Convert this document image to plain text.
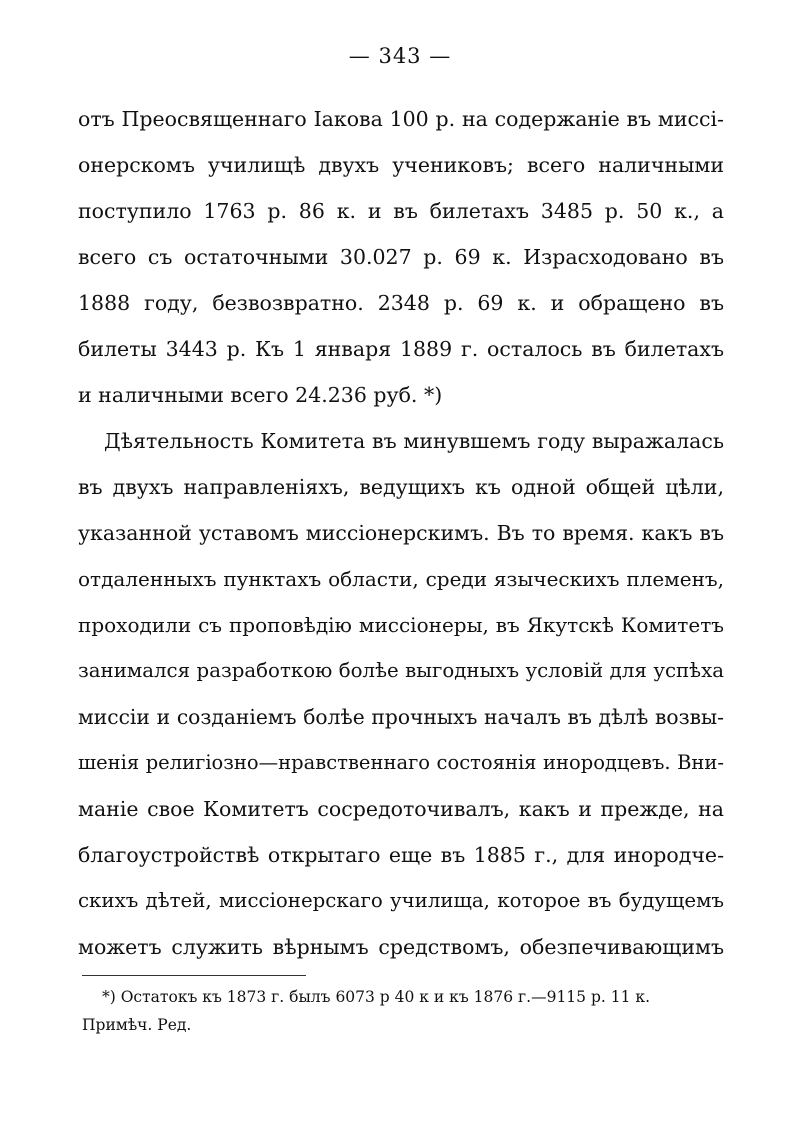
— 343 —
отъ Преосвященнаго Іакова 100 р. на содержаніе въ миссі-
онерскомъ училищѣ двухъ учениковъ; всего наличными
поступило 1763 р. 86 к. и въ билетахъ 3485 р. 50 к., а
всего съ остаточными 30.027 р. 69 к. Израсходовано въ
1888 году, безвозвратно. 2348 р. 69 к. и обращено въ
билеты 3443 р. Къ 1 января 1889 г. осталось въ билетахъ
и наличными всего 24.236 руб. *)
Дѣятельность Комитета въ минувшемъ году выражалась
въ двухъ направленіяхъ, ведущихъ къ одной общей цѣли,
указанной уставомъ миссіонерскимъ. Въ то время. какъ въ
отдаленныхъ пунктахъ области, среди языческихъ племенъ,
проходили съ проповѣдію миссіонеры, въ Якутскѣ Комитетъ
занимался разработкою болѣе выгодныхъ условій для успѣха
миссіи и созданіемъ болѣе прочныхъ началъ въ дѣлѣ возвы-
шенія религіозно—нравственнаго состоянія инородцевъ. Вни-
маніе свое Комитетъ сосредоточивалъ, какъ и прежде, на
благоустройствѣ открытаго еще въ 1885 г., для инородче-
скихъ дѣтей, миссіонерскаго училища, которое въ будущемъ
можетъ служить вѣрнымъ средствомъ, обезпечивающимъ
*) Остатокъ къ 1873 г. былъ 6073 р 40 к и къ 1876 г.—9115 р. 11 к.
Примѣч. Ред.
